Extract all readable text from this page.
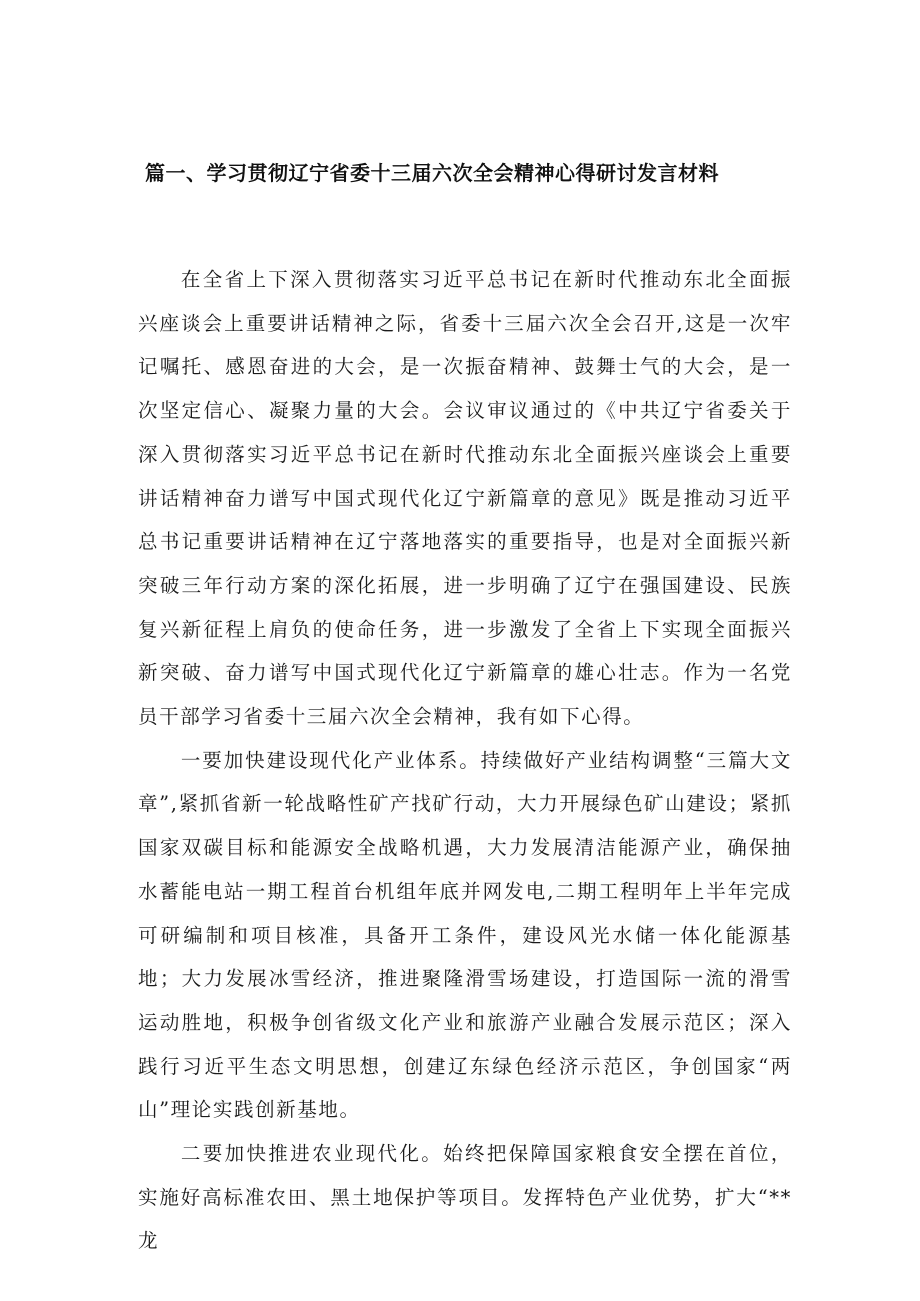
篇一、学习贯彻辽宁省委十三届六次全会精神心得研讨发言材料

在全省上下深入贯彻落实习近平总书记在新时代推动东北全面振兴座谈会上重要讲话精神之际，省委十三届六次全会召开,这是一次牢记嘱托、感恩奋进的大会，是一次振奋精神、鼓舞士气的大会，是一次坚定信心、凝聚力量的大会。会议审议通过的《中共辽宁省委关于深入贯彻落实习近平总书记在新时代推动东北全面振兴座谈会上重要讲话精神奋力谱写中国式现代化辽宁新篇章的意见》既是推动习近平总书记重要讲话精神在辽宁落地落实的重要指导，也是对全面振兴新突破三年行动方案的深化拓展，进一步明确了辽宁在强国建设、民族复兴新征程上肩负的使命任务，进一步激发了全省上下实现全面振兴新突破、奋力谱写中国式现代化辽宁新篇章的雄心壮志。作为一名党员干部学习省委十三届六次全会精神，我有如下心得。

一要加快建设现代化产业体系。持续做好产业结构调整“三篇大文章”,紧抓省新一轮战略性矿产找矿行动，大力开展绿色矿山建设；紧抓国家双碳目标和能源安全战略机遇，大力发展清洁能源产业，确保抽水蓄能电站一期工程首台机组年底并网发电,二期工程明年上半年完成可研编制和项目核准，具备开工条件，建设风光水储一体化能源基地；大力发展冰雪经济，推进聚隆滑雪场建设，打造国际一流的滑雪运动胜地，积极争创省级文化产业和旅游产业融合发展示范区；深入践行习近平生态文明思想，创建辽东绿色经济示范区，争创国家“两山”理论实践创新基地。

二要加快推进农业现代化。始终把保障国家粮食安全摆在首位，实施好高标准农田、黑土地保护等项目。发挥特色产业优势，扩大“**龙
